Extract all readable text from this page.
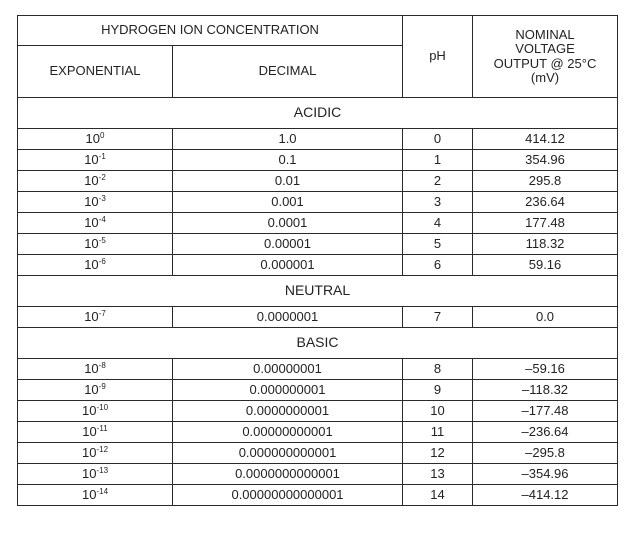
HYDROGEN ION CONCENTRATION		pH	NOMINAL
VOLTAGE
OUTPUT @ 25°C
(mV)

EXPONENTIAL	DECIMAL		
ACIDIC			
$10^0$	1.0	0	414.12
$10^{-1}$	0.1	1	354.96
$10^{-2}$	0.01	2	295.8
$10^{-3}$	0.001	3	236.64
$10^{-4}$	0.0001	4	177.48
$10^{-5}$	0.00001	5	118.32
$10^{-6}$	0.000001	6	59.16
NEUTRAL			
$10^{-7}$	0.0000001	7	0.0
BASIC			
$10^{-8}$	0.00000001	8	–59.16
$10^{-9}$	0.000000001	9	–118.32
$10^{-10}$	0.0000000001	10	–177.48
$10^{-11}$	0.00000000001	11	–236.64
$10^{-12}$	0.000000000001	12	–295.8
$10^{-13}$	0.0000000000001	13	–354.96
$10^{-14}$	0.00000000000001	14	–414.12
